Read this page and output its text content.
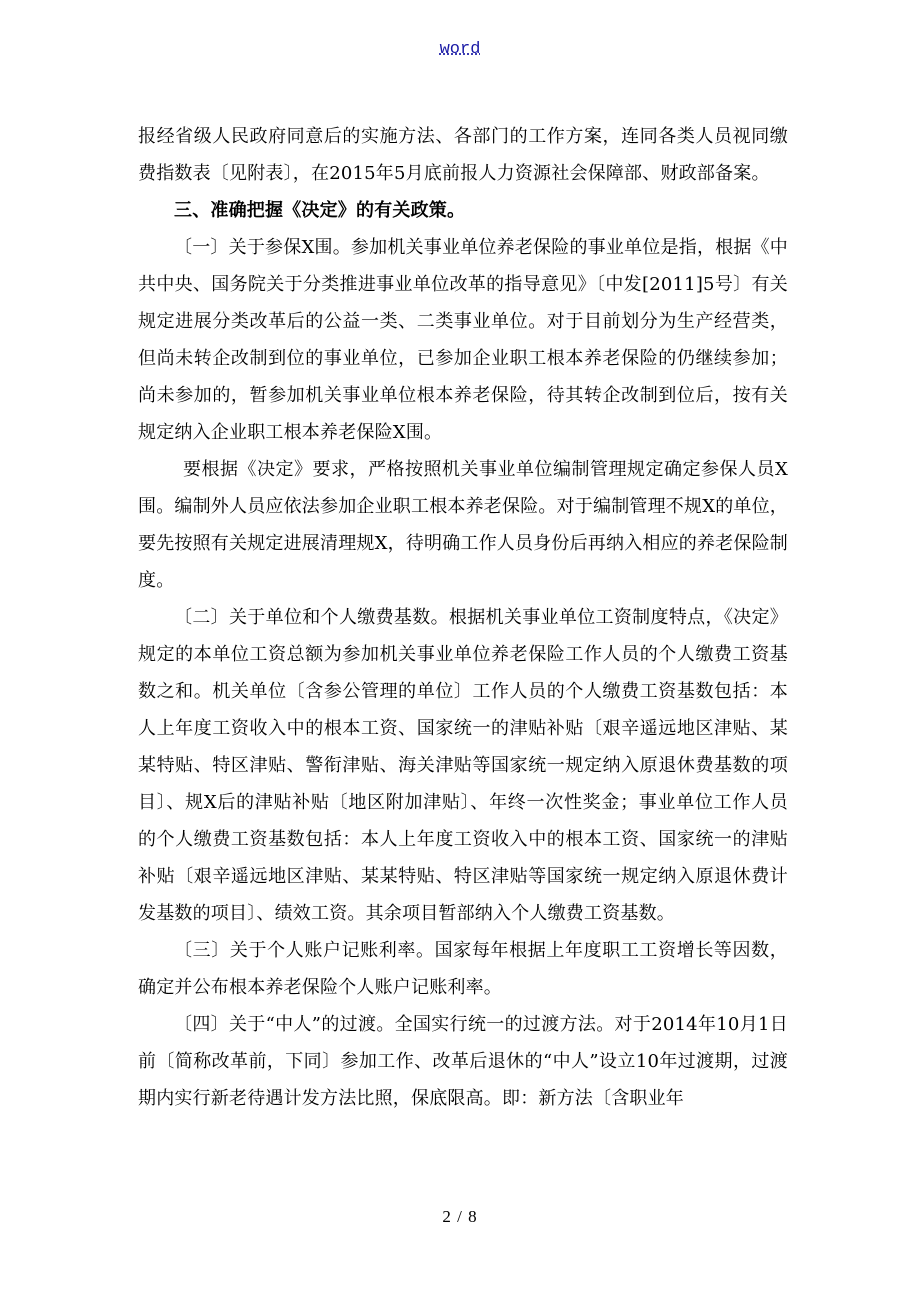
word

报经省级人民政府同意后的实施方法、各部门的工作方案，连同各类人员视同缴费指数表〔见附表〕，在2015年5月底前报人力资源社会保障部、财政部备案。

三、准确把握《决定》的有关政策。

〔一〕关于参保X围。参加机关事业单位养老保险的事业单位是指，根据《中共中央、国务院关于分类推进事业单位改革的指导意见》〔中发[2011]5号〕有关规定进展分类改革后的公益一类、二类事业单位。对于目前划分为生产经营类，但尚未转企改制到位的事业单位，已参加企业职工根本养老保险的仍继续参加；尚未参加的，暂参加机关事业单位根本养老保险，待其转企改制到位后，按有关规定纳入企业职工根本养老保险X围。

要根据《决定》要求，严格按照机关事业单位编制管理规定确定参保人员X围。编制外人员应依法参加企业职工根本养老保险。对于编制管理不规X的单位，要先按照有关规定进展清理规X，待明确工作人员身份后再纳入相应的养老保险制度。

〔二〕关于单位和个人缴费基数。根据机关事业单位工资制度特点，《决定》规定的本单位工资总额为参加机关事业单位养老保险工作人员的个人缴费工资基数之和。机关单位〔含参公管理的单位〕工作人员的个人缴费工资基数包括：本人上年度工资收入中的根本工资、国家统一的津贴补贴〔艰辛遥远地区津贴、某某特贴、特区津贴、警衔津贴、海关津贴等国家统一规定纳入原退休费基数的项目〕、规X后的津贴补贴〔地区附加津贴〕、年终一次性奖金；事业单位工作人员的个人缴费工资基数包括：本人上年度工资收入中的根本工资、国家统一的津贴补贴〔艰辛遥远地区津贴、某某特贴、特区津贴等国家统一规定纳入原退休费计发基数的项目〕、绩效工资。其余项目暂部纳入个人缴费工资基数。

〔三〕关于个人账户记账利率。国家每年根据上年度职工工资增长等因数，确定并公布根本养老保险个人账户记账利率。

〔四〕关于“中人”的过渡。全国实行统一的过渡方法。对于2014年10月1日前〔简称改革前，下同〕参加工作、改革后退休的“中人”设立10年过渡期，过渡期内实行新老待遇计发方法比照，保底限高。即：新方法〔含职业年

2 / 8
